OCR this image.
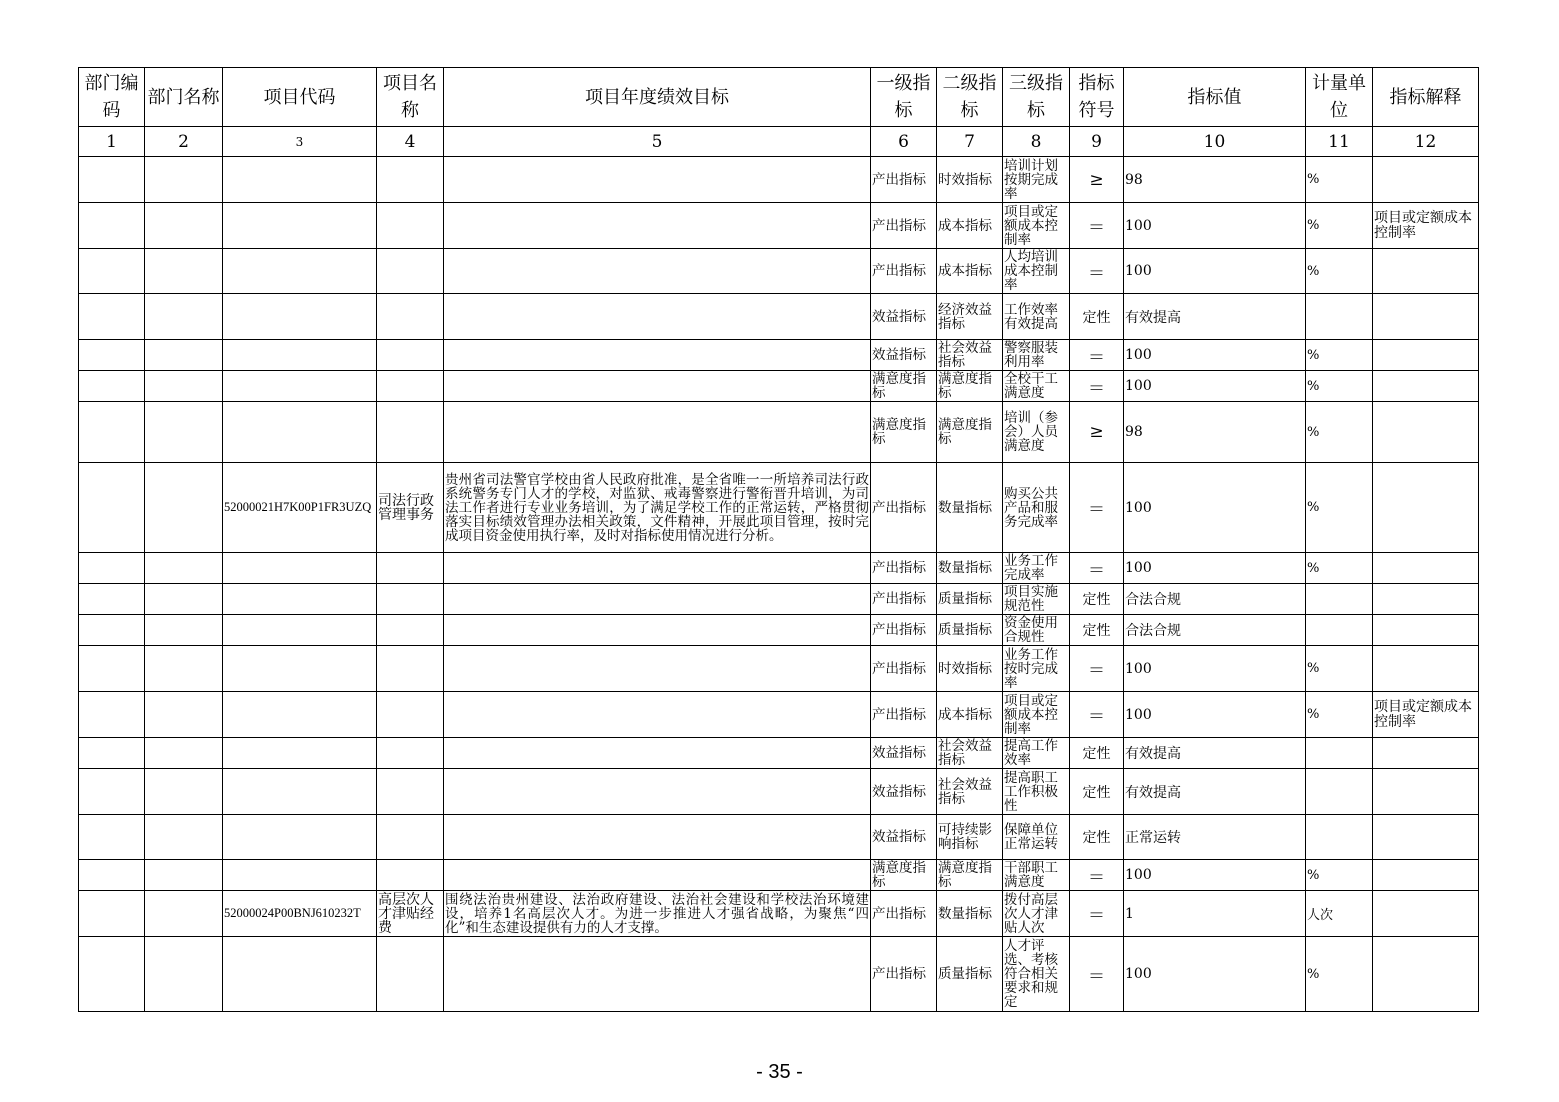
部门编码	部门名称	项目代码	项目名称	项目年度绩效目标	一级指标	二级指标	三级指标	指标符号	指标值	计量单位	指标解释
1	2	3	4	5	6	7	8	9	10	11	12
					产出指标	时效指标	培训计划按期完成率	≥	98	%	
					产出指标	成本指标	项目或定额成本控制率	＝	100	%	项目或定额成本控制率
					产出指标	成本指标	人均培训成本控制率	＝	100	%	
					效益指标	经济效益指标	工作效率有效提高	定性	有效提高		
					效益指标	社会效益指标	警察服装利用率	＝	100	%	
					满意度指标	满意度指标	全校干工满意度	＝	100	%	
					满意度指标	满意度指标	培训（参会）人员满意度	≥	98	%	
		52000021H7K00P1FR3UZQ	司法行政管理事务	贵州省司法警官学校由省人民政府批准，是全省唯一一所培养司法行政系统警务专门人才的学校，对监狱、戒毒警察进行警衔晋升培训，为司法工作者进行专业业务培训，为了满足学校工作的正常运转，严格贯彻落实目标绩效管理办法相关政策，文件精神，开展此项目管理，按时完成项目资金使用执行率，及时对指标使用情况进行分析。	产出指标	数量指标	购买公共产品和服务完成率	＝	100	%	
					产出指标	数量指标	业务工作完成率	＝	100	%	
					产出指标	质量指标	项目实施规范性	定性	合法合规		
					产出指标	质量指标	资金使用合规性	定性	合法合规		
					产出指标	时效指标	业务工作按时完成率	＝	100	%	
					产出指标	成本指标	项目或定额成本控制率	＝	100	%	项目或定额成本控制率
					效益指标	社会效益指标	提高工作效率	定性	有效提高		
					效益指标	社会效益指标	提高职工工作积极性	定性	有效提高		
					效益指标	可持续影响指标	保障单位正常运转	定性	正常运转		
					满意度指标	满意度指标	干部职工满意度	＝	100	%	
		52000024P00BNJ610232T	高层次人才津贴经费	围绕法治贵州建设、法治政府建设、法治社会建设和学校法治环境建设，培养1名高层次人才。为进一步推进人才强省战略，为聚焦“四化”和生态建设提供有力的人才支撑。	产出指标	数量指标	拨付高层次人才津贴人次	＝	1	人次	
					产出指标	质量指标	人才评选、考核符合相关要求和规定	＝	100	%	
- 35 -
